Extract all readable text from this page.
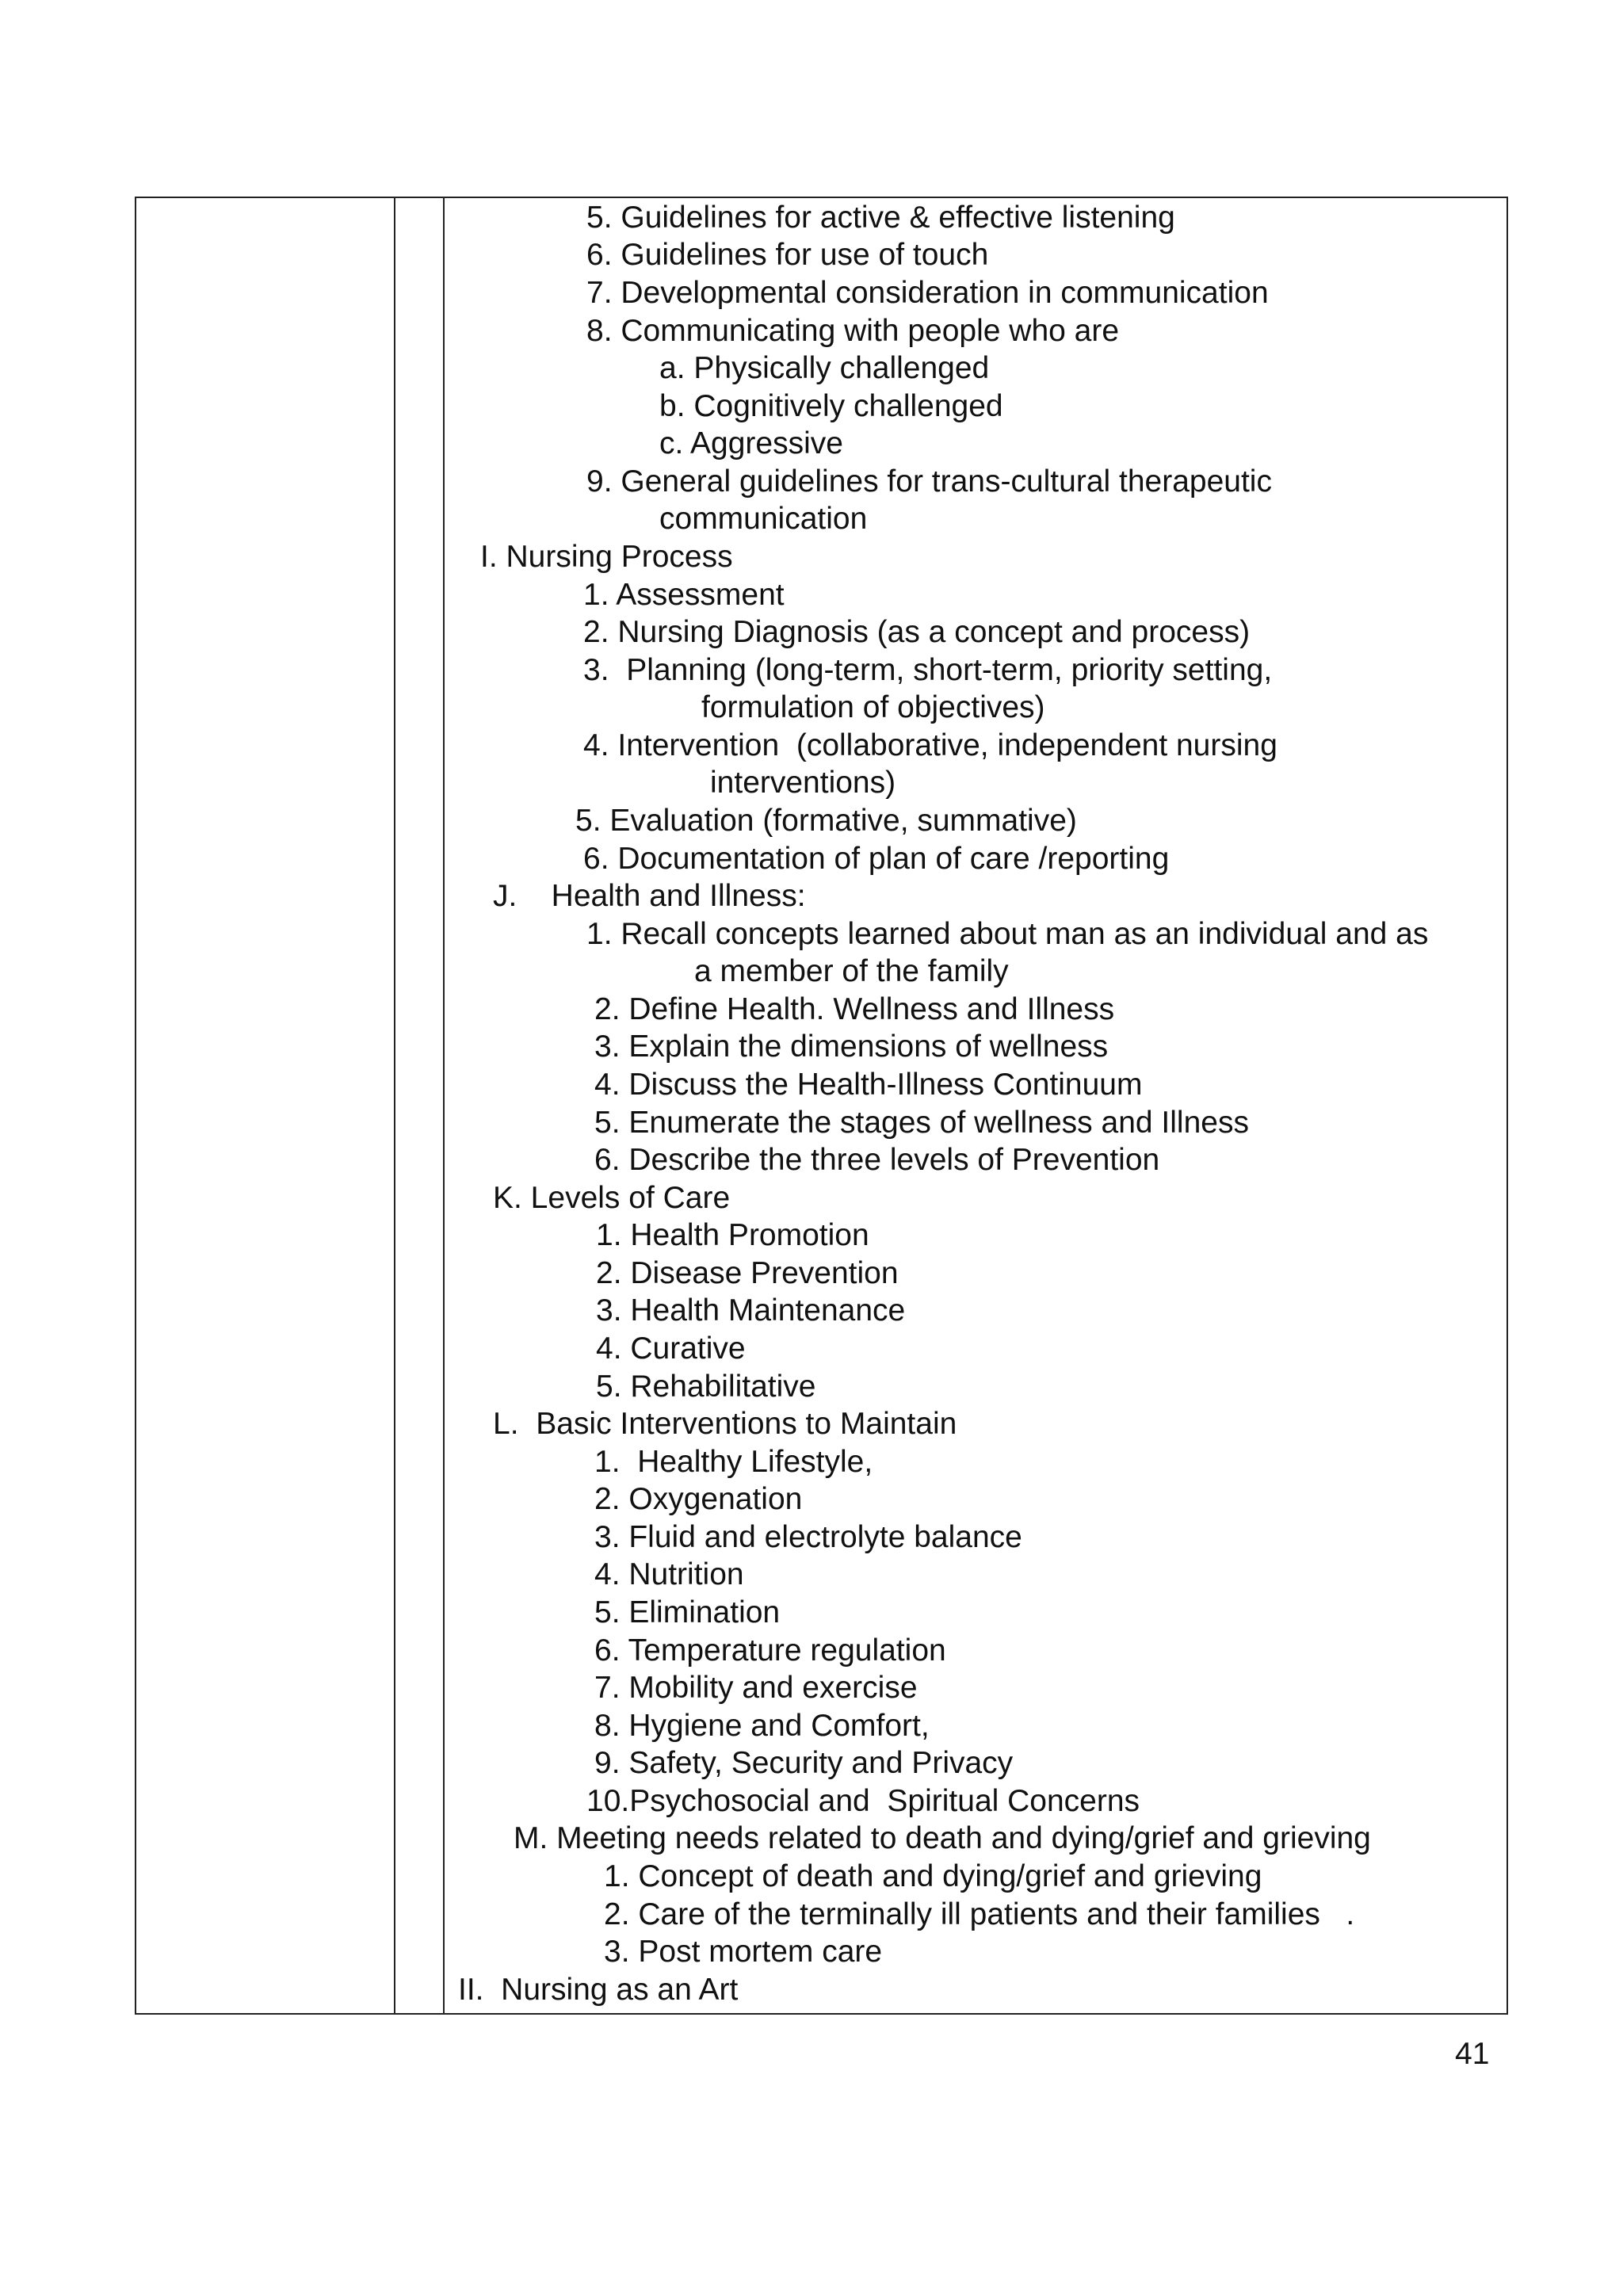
5. Guidelines for active & effective listening
6. Guidelines for use of touch
7. Developmental consideration in communication
8. Communicating with people who are
a. Physically challenged
b. Cognitively challenged
c. Aggressive
9. General guidelines for trans-cultural therapeutic
communication
I. Nursing Process
1. Assessment
2. Nursing Diagnosis (as a concept and process)
3.  Planning (long-term, short-term, priority setting,
formulation of objectives)
4. Intervention  (collaborative, independent nursing
interventions)
5. Evaluation (formative, summative)
6. Documentation of plan of care /reporting
J.    Health and Illness:
1. Recall concepts learned about man as an individual and as
a member of the family
2. Define Health. Wellness and Illness
3. Explain the dimensions of wellness
4. Discuss the Health-Illness Continuum
5. Enumerate the stages of wellness and Illness
6. Describe the three levels of Prevention
K. Levels of Care
1. Health Promotion
2. Disease Prevention
3. Health Maintenance
4. Curative
5. Rehabilitative
L.  Basic Interventions to Maintain
1.  Healthy Lifestyle,
2. Oxygenation
3. Fluid and electrolyte balance
4. Nutrition
5. Elimination
6. Temperature regulation
7. Mobility and exercise
8. Hygiene and Comfort,
9. Safety, Security and Privacy
10.Psychosocial and  Spiritual Concerns
M. Meeting needs related to death and dying/grief and grieving
1. Concept of death and dying/grief and grieving
2. Care of the terminally ill patients and their families   .
3. Post mortem care
II.  Nursing as an Art
41
